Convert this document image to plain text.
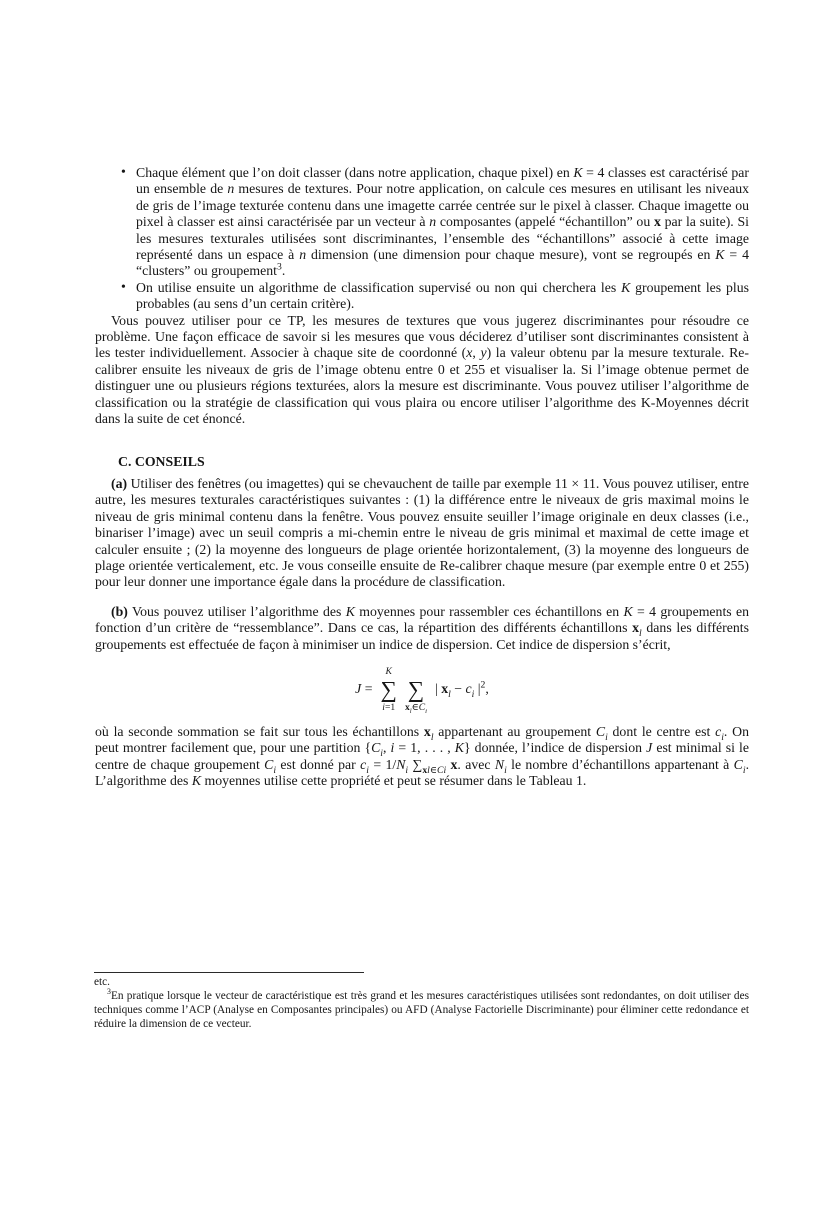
• Chaque élément que l’on doit classer (dans notre application, chaque pixel) en K = 4 classes est caractérisé par un ensemble de n mesures de textures. Pour notre application, on calcule ces mesures en utilisant les niveaux de gris de l’image texturée contenu dans une imagette carrée centrée sur le pixel à classer. Chaque imagette ou pixel à classer est ainsi caractérisée par un vecteur à n composantes (appelé “échantillon” ou x par la suite). Si les mesures texturales utilisées sont discriminantes, l’ensemble des “échantillons” associé à cette image représenté dans un espace à n dimension (une dimension pour chaque mesure), vont se regroupés en K = 4 “clusters” ou groupement$^3$.
• On utilise ensuite un algorithme de classification supervisé ou non qui cherchera les K groupement les plus probables (au sens d’un certain critère).

Vous pouvez utiliser pour ce TP, les mesures de textures que vous jugerez discriminantes pour résoudre ce problème. Une façon efficace de savoir si les mesures que vous déciderez d’utiliser sont discriminantes consistent à les tester individuellement. Associer à chaque site de coordonné (x, y) la valeur obtenu par la mesure texturale. Re-calibrer ensuite les niveaux de gris de l’image obtenu entre 0 et 255 et visualiser la. Si l’image obtenue permet de distinguer une ou plusieurs régions texturées, alors la mesure est discriminante. Vous pouvez utiliser l’algorithme de classification ou la stratégie de classification qui vous plaira ou encore utiliser l’algorithme des K-Moyennes décrit dans la suite de cet énoncé.

C. CONSEILS

(a) Utiliser des fenêtres (ou imagettes) qui se chevauchent de taille par exemple 11 × 11. Vous pouvez utiliser, entre autre, les mesures texturales caractéristiques suivantes : (1) la différence entre le niveaux de gris maximal moins le niveau de gris minimal contenu dans la fenêtre. Vous pouvez ensuite seuiller l’image originale en deux classes (i.e., binariser l’image) avec un seuil compris a mi-chemin entre le niveau de gris minimal et maximal de cette image et calculer ensuite ; (2) la moyenne des longueurs de plage orientée horizontalement, (3) la moyenne des longueurs de plage orientée verticalement, etc. Je vous conseille ensuite de Re-calibrer chaque mesure (par exemple entre 0 et 255) pour leur donner une importance égale dans la procédure de classification.

(b) Vous pouvez utiliser l’algorithme des K moyennes pour rassembler ces échantillons en K = 4 groupements en fonction d’un critère de “ressemblance”. Dans ce cas, la répartition des différents échantillons $x_l$ dans les différents groupements est effectuée de façon à minimiser un indice de dispersion. Cet indice de dispersion s’écrit,

J =
K
∑
i=1
∑
$x_l\in C_i$
| $x_l - c_i$ $|^2$,

où la seconde sommation se fait sur tous les échantillons $x_l$ appartenant au groupement $C_i$ dont le centre est $c_i$. On peut montrer facilement que, pour une partition {$C_i$, i = 1, . . . , K} donnée, l’indice de dispersion J est minimal si le centre de chaque groupement $C_i$ est donné par $c_i = 1/N_i$ $\sum_{xl\in Ci}$ x. avec $N_i$ le nombre d’échantillons appartenant à $C_i$. L’algorithme des K moyennes utilise cette propriété et peut se résumer dans le Tableau 1.

etc.

$^3$En pratique lorsque le vecteur de caractéristique est très grand et les mesures caractéristiques utilisées sont redondantes, on doit utiliser des techniques comme l’ACP (Analyse en Composantes principales) ou AFD (Analyse Factorielle Discriminante) pour éliminer cette redondance et réduire la dimension de ce vecteur.
